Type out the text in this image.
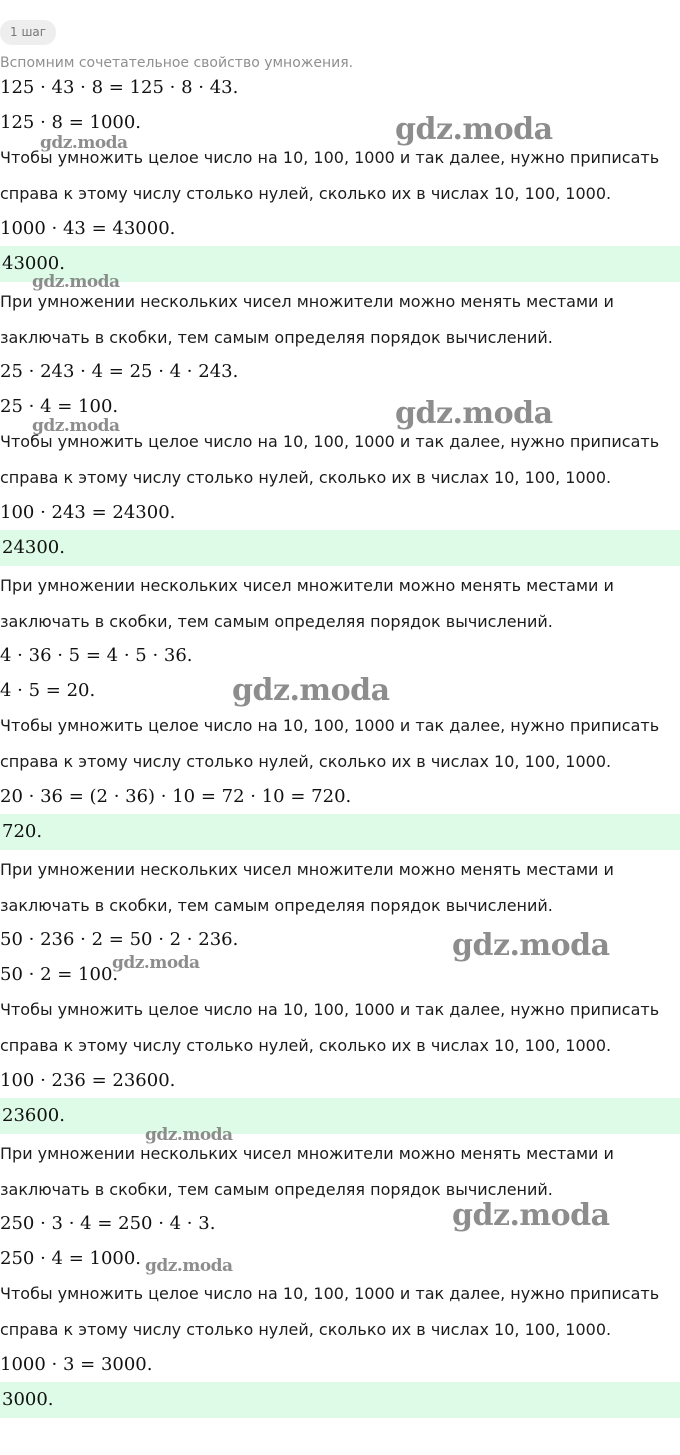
1 шаг
Вспомним сочетательное свойство умножения.
125 · 43 · 8 = 125 · 8 · 43.
125 · 8 = 1000.
Чтобы умножить целое число на 10, 100, 1000 и так далее, нужно приписать
справа к этому числу столько нулей, сколько их в числах 10, 100, 1000.
1000 · 43 = 43000.
43000.
При умножении нескольких чисел множители можно менять местами и
заключать в скобки, тем самым определяя порядок вычислений.
25 · 243 · 4 = 25 · 4 · 243.
25 · 4 = 100.
Чтобы умножить целое число на 10, 100, 1000 и так далее, нужно приписать
справа к этому числу столько нулей, сколько их в числах 10, 100, 1000.
100 · 243 = 24300.
24300.
При умножении нескольких чисел множители можно менять местами и
заключать в скобки, тем самым определяя порядок вычислений.
4 · 36 · 5 = 4 · 5 · 36.
4 · 5 = 20.
Чтобы умножить целое число на 10, 100, 1000 и так далее, нужно приписать
справа к этому числу столько нулей, сколько их в числах 10, 100, 1000.
20 · 36 = (2 · 36) · 10 = 72 · 10 = 720.
720.
При умножении нескольких чисел множители можно менять местами и
заключать в скобки, тем самым определяя порядок вычислений.
50 · 236 · 2 = 50 · 2 · 236.
50 · 2 = 100.
Чтобы умножить целое число на 10, 100, 1000 и так далее, нужно приписать
справа к этому числу столько нулей, сколько их в числах 10, 100, 1000.
100 · 236 = 23600.
23600.
При умножении нескольких чисел множители можно менять местами и
заключать в скобки, тем самым определяя порядок вычислений.
250 · 3 · 4 = 250 · 4 · 3.
250 · 4 = 1000.
Чтобы умножить целое число на 10, 100, 1000 и так далее, нужно приписать
справа к этому числу столько нулей, сколько их в числах 10, 100, 1000.
1000 · 3 = 3000.
3000.
gdz.moda
gdz.moda
gdz.moda
gdz.moda
gdz.moda
gdz.moda
gdz.moda
gdz.moda
gdz.moda
gdz.moda
gdz.moda
